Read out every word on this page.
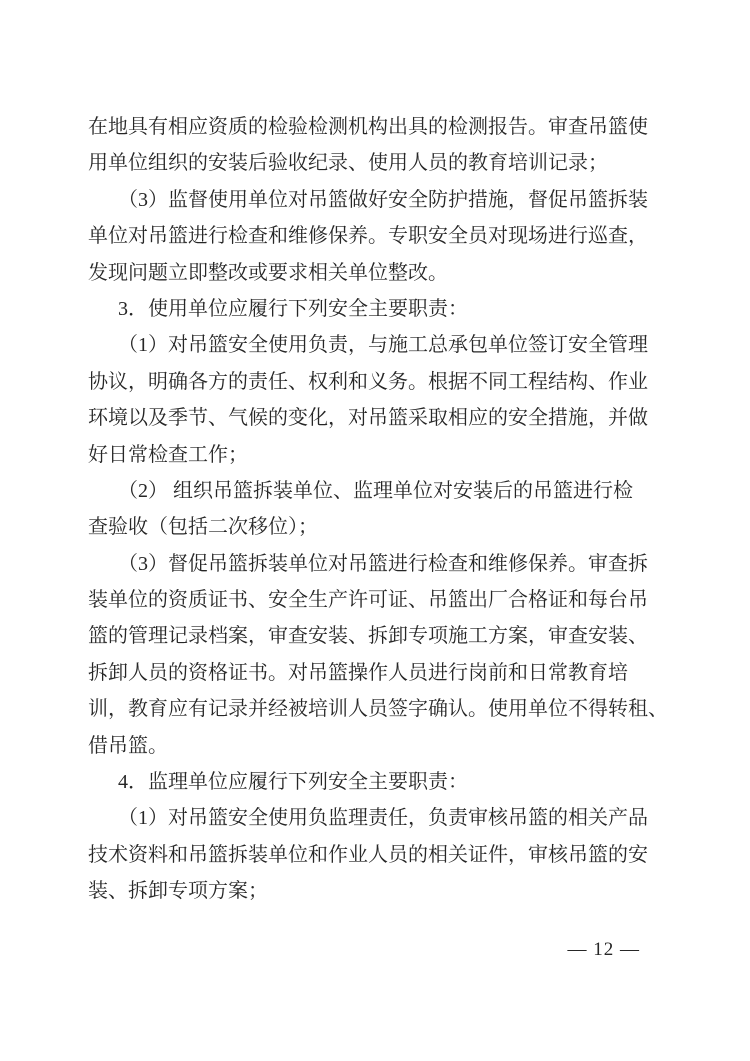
在地具有相应资质的检验检测机构出具的检测报告。审查吊篮使
用单位组织的安装后验收纪录、使用人员的教育培训记录；
（3）监督使用单位对吊篮做好安全防护措施，督促吊篮拆装
单位对吊篮进行检查和维修保养。专职安全员对现场进行巡查，
发现问题立即整改或要求相关单位整改。
3．使用单位应履行下列安全主要职责：
（1）对吊篮安全使用负责，与施工总承包单位签订安全管理
协议，明确各方的责任、权利和义务。根据不同工程结构、作业
环境以及季节、气候的变化，对吊篮采取相应的安全措施，并做
好日常检查工作；
（2） 组织吊篮拆装单位、监理单位对安装后的吊篮进行检
查验收（包括二次移位）；
（3）督促吊篮拆装单位对吊篮进行检查和维修保养。审查拆
装单位的资质证书、安全生产许可证、吊篮出厂合格证和每台吊
篮的管理记录档案，审查安装、拆卸专项施工方案，审查安装、
拆卸人员的资格证书。对吊篮操作人员进行岗前和日常教育培
训，教育应有记录并经被培训人员签字确认。使用单位不得转租、
借吊篮。
4．监理单位应履行下列安全主要职责：
（1）对吊篮安全使用负监理责任，负责审核吊篮的相关产品
技术资料和吊篮拆装单位和作业人员的相关证件，审核吊篮的安
装、拆卸专项方案；
— 12 —
